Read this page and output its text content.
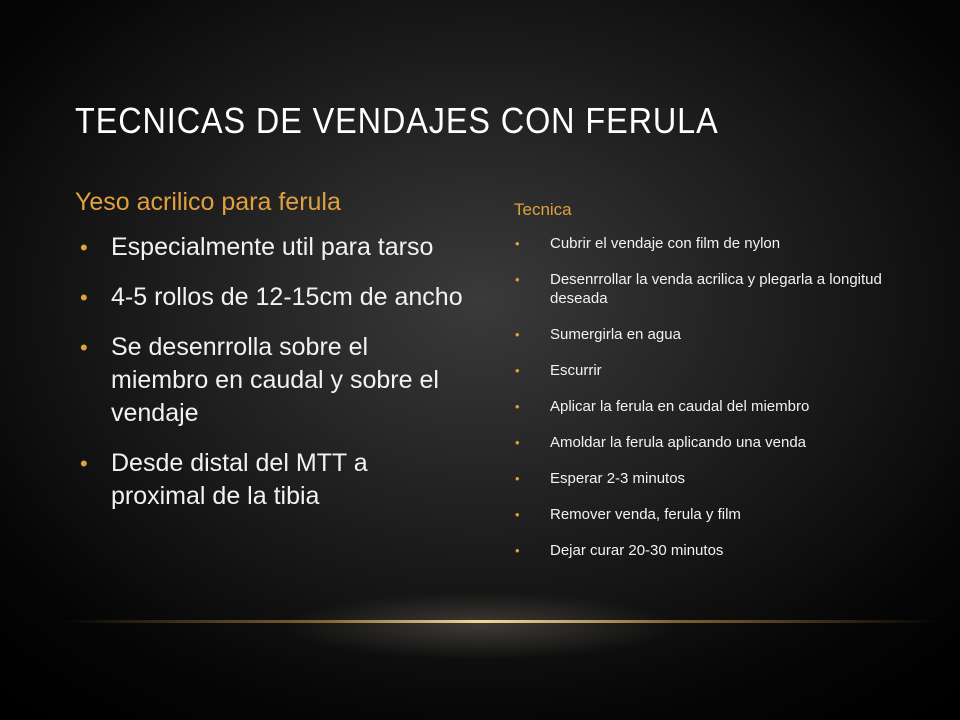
TECNICAS DE VENDAJES CON FERULA
Yeso acrilico para ferula
• Especialmente util para tarso
• 4-5 rollos de 12-15cm de ancho
• Se desenrrolla sobre el miembro en caudal y sobre el vendaje
• Desde distal del MTT a proximal de la tibia
Tecnica
• Cubrir el vendaje con film de nylon
• Desenrrollar la venda acrilica y plegarla a longitud deseada
• Sumergirla en agua
• Escurrir
• Aplicar la ferula en caudal del miembro
• Amoldar la ferula aplicando una venda
• Esperar 2-3 minutos
• Remover venda, ferula y film
• Dejar curar 20-30 minutos
